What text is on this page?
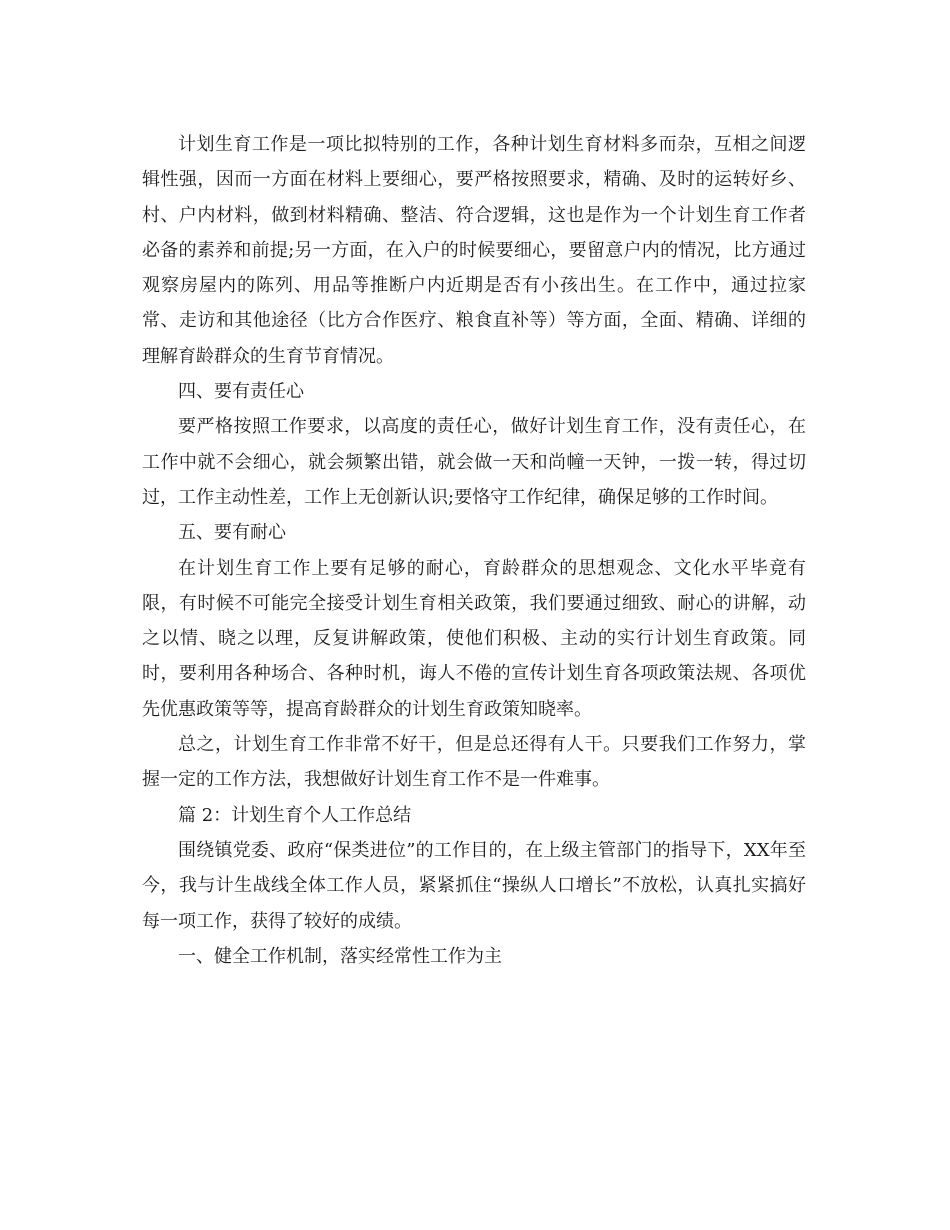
计划生育工作是一项比拟特别的工作，各种计划生育材料多而杂，互相之间逻辑性强，因而一方面在材料上要细心，要严格按照要求，精确、及时的运转好乡、村、户内材料，做到材料精确、整洁、符合逻辑，这也是作为一个计划生育工作者必备的素养和前提;另一方面，在入户的时候要细心，要留意户内的情况，比方通过观察房屋内的陈列、用品等推断户内近期是否有小孩出生。在工作中，通过拉家常、走访和其他途径（比方合作医疗、粮食直补等）等方面，全面、精确、详细的理解育龄群众的生育节育情况。

四、要有责任心

要严格按照工作要求，以高度的责任心，做好计划生育工作，没有责任心，在工作中就不会细心，就会频繁出错，就会做一天和尚幢一天钟，一拨一转，得过切过，工作主动性差，工作上无创新认识;要恪守工作纪律，确保足够的工作时间。

五、要有耐心

在计划生育工作上要有足够的耐心，育龄群众的思想观念、文化水平毕竟有限，有时候不可能完全接受计划生育相关政策，我们要通过细致、耐心的讲解，动之以情、晓之以理，反复讲解政策，使他们积极、主动的实行计划生育政策。同时，要利用各种场合、各种时机，诲人不倦的宣传计划生育各项政策法规、各项优先优惠政策等等，提高育龄群众的计划生育政策知晓率。

总之，计划生育工作非常不好干，但是总还得有人干。只要我们工作努力，掌握一定的工作方法，我想做好计划生育工作不是一件难事。

篇 2：计划生育个人工作总结

围绕镇党委、政府“保类进位”的工作目的，在上级主管部门的指导下，XX年至今，我与计生战线全体工作人员，紧紧抓住“操纵人口增长”不放松，认真扎实搞好每一项工作，获得了较好的成绩。

一、健全工作机制，落实经常性工作为主
